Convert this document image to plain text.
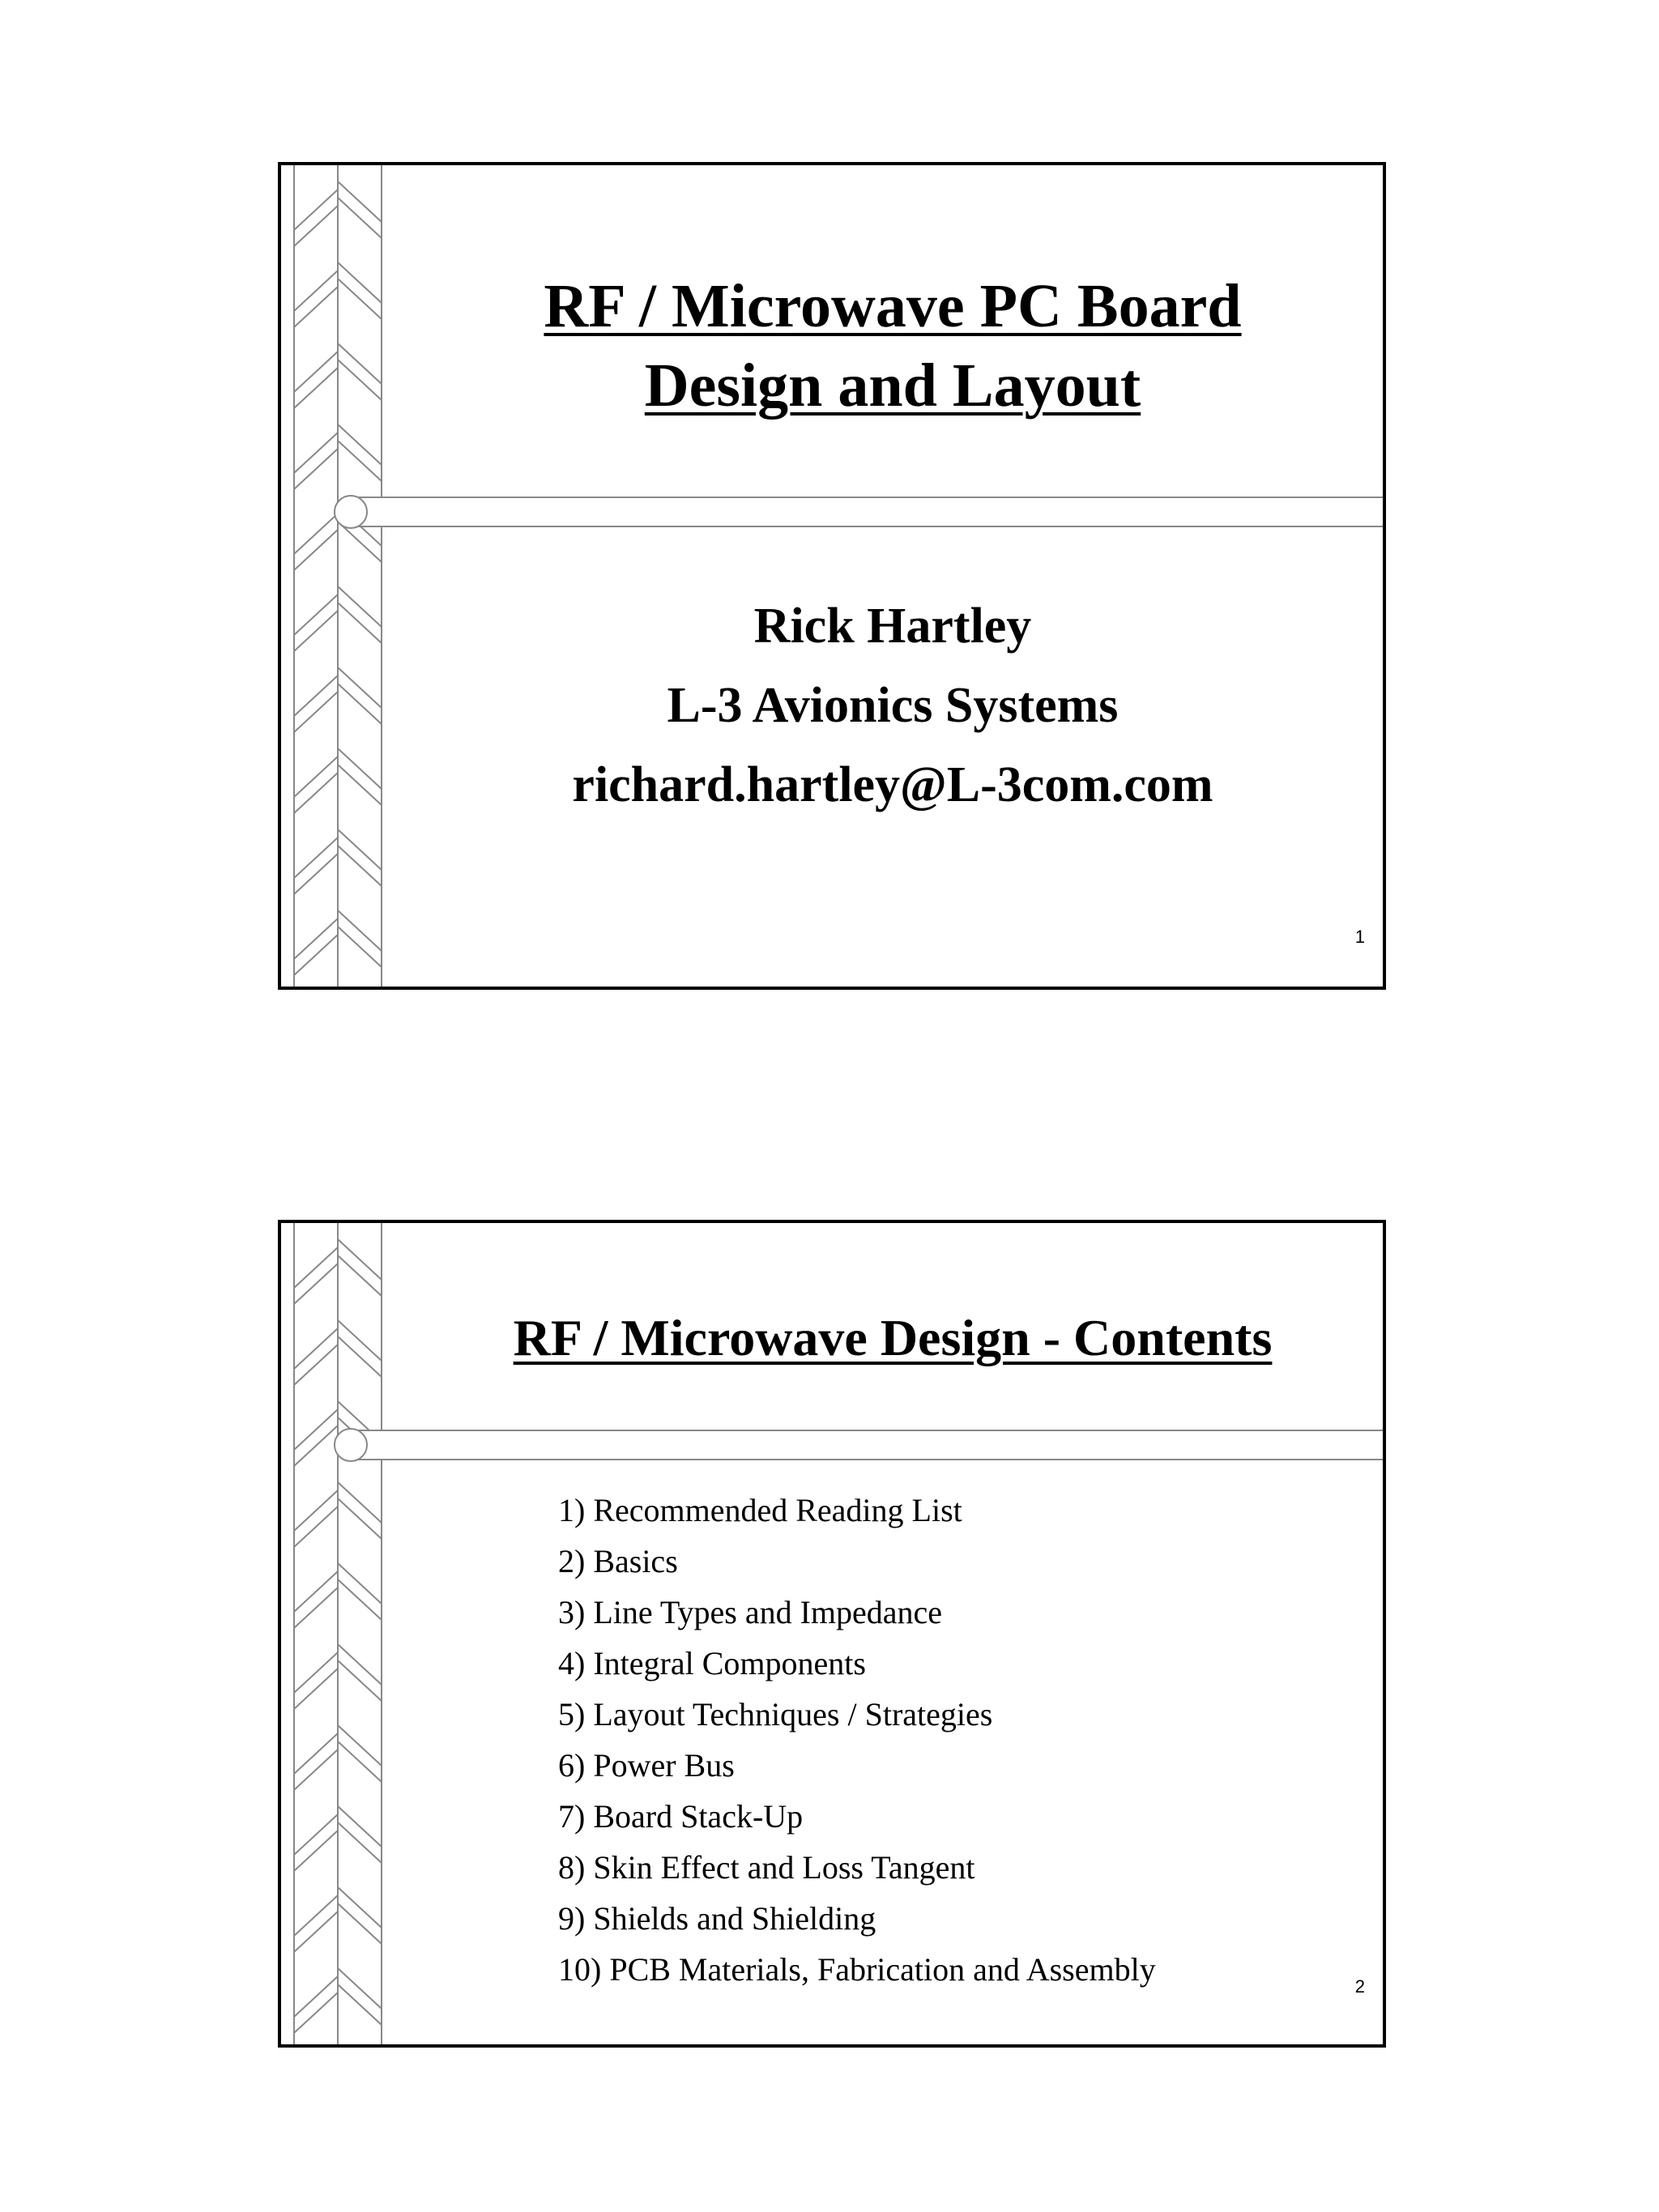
RF / Microwave PC Board
Design and Layout
Rick Hartley
L-3 Avionics Systems
richard.hartley@L-3com.com
1
RF / Microwave Design - Contents
1) Recommended Reading List
2) Basics
3) Line Types and Impedance
4) Integral Components
5) Layout Techniques / Strategies
6) Power Bus
7) Board Stack-Up
8) Skin Effect and Loss Tangent
9) Shields and Shielding
10) PCB Materials, Fabrication and Assembly	2
